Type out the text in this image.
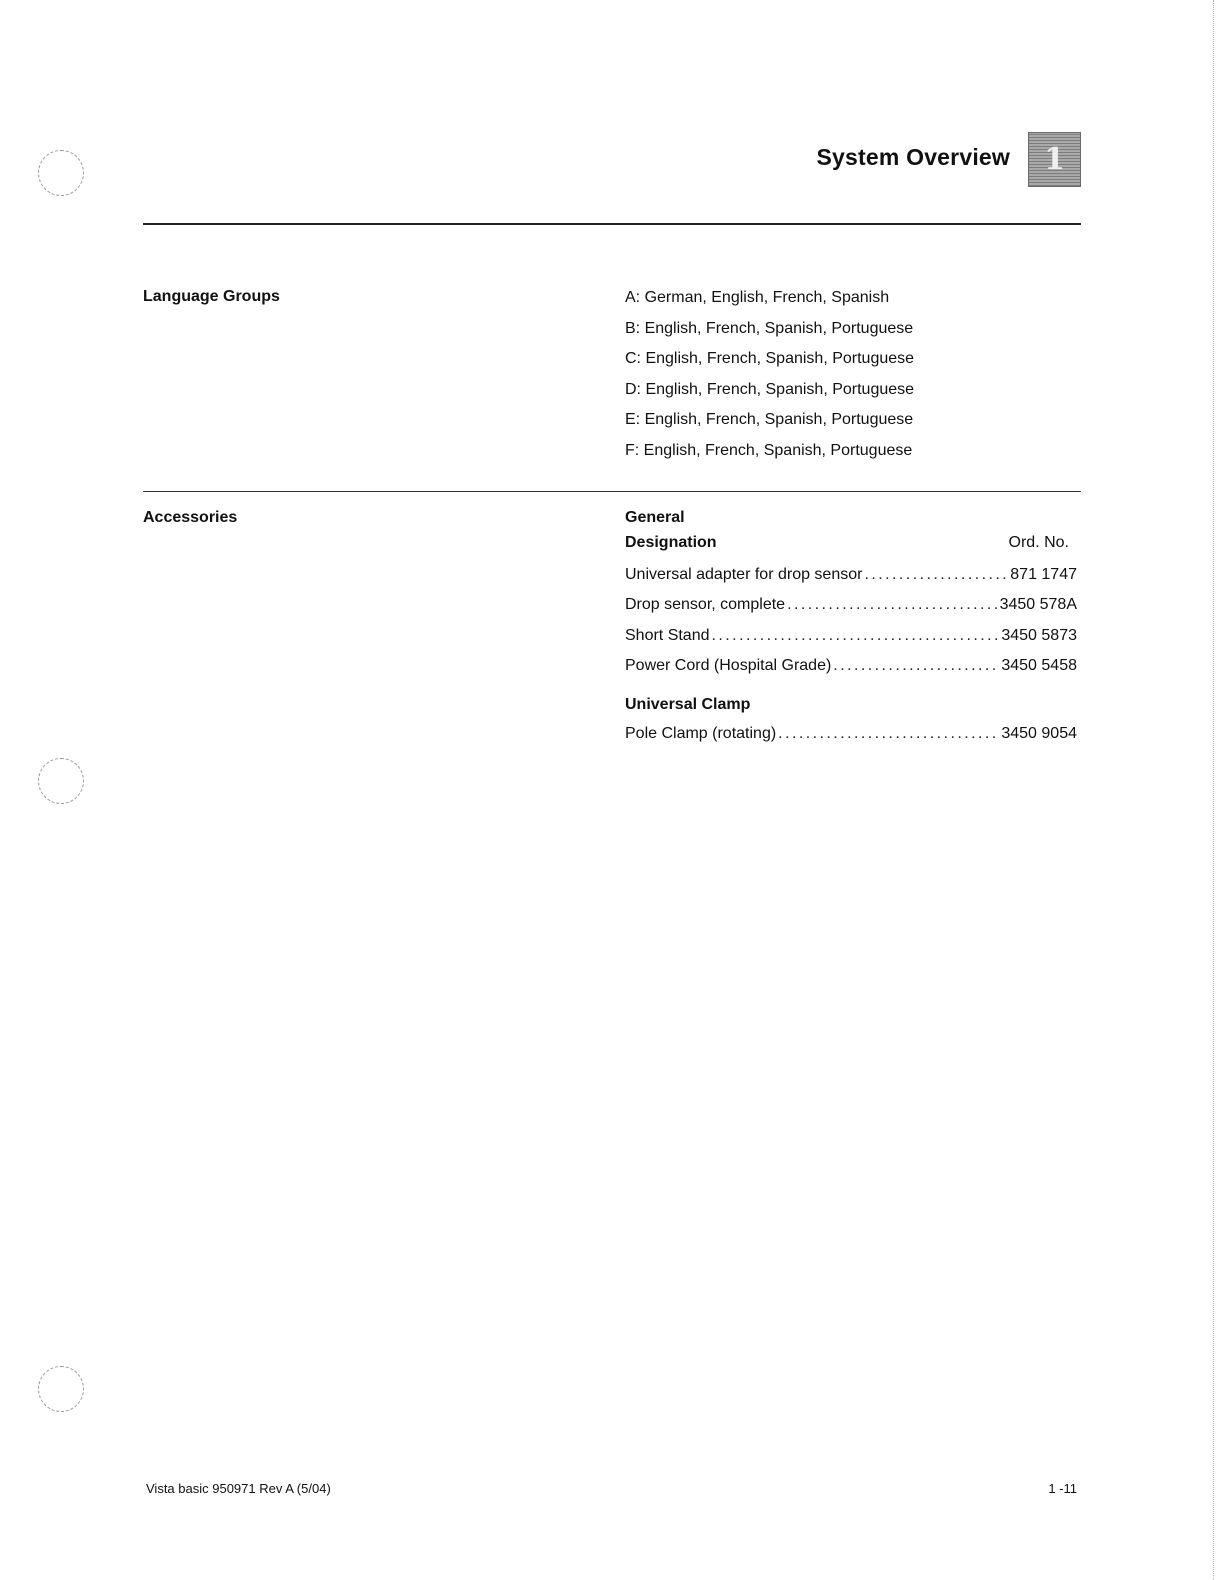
System Overview 1
Language Groups	A: German, English, French, Spanish
B: English, French, Spanish, Portuguese
C: English, French, Spanish, Portuguese
D: English, French, Spanish, Portuguese
E: English, French, Spanish, Portuguese
F: English, French, Spanish, Portuguese
Accessories	General
Designation	Ord. No.
Universal adapter for drop sensor . . .	871 1747
Drop sensor, complete . . .	3450 578A
Short Stand . . .	3450 5873
Power Cord (Hospital Grade) . . .	3450 5458
Universal Clamp
Pole Clamp (rotating) . . .	3450 9054
Vista basic 950971 Rev A (5/04)	1 -11
